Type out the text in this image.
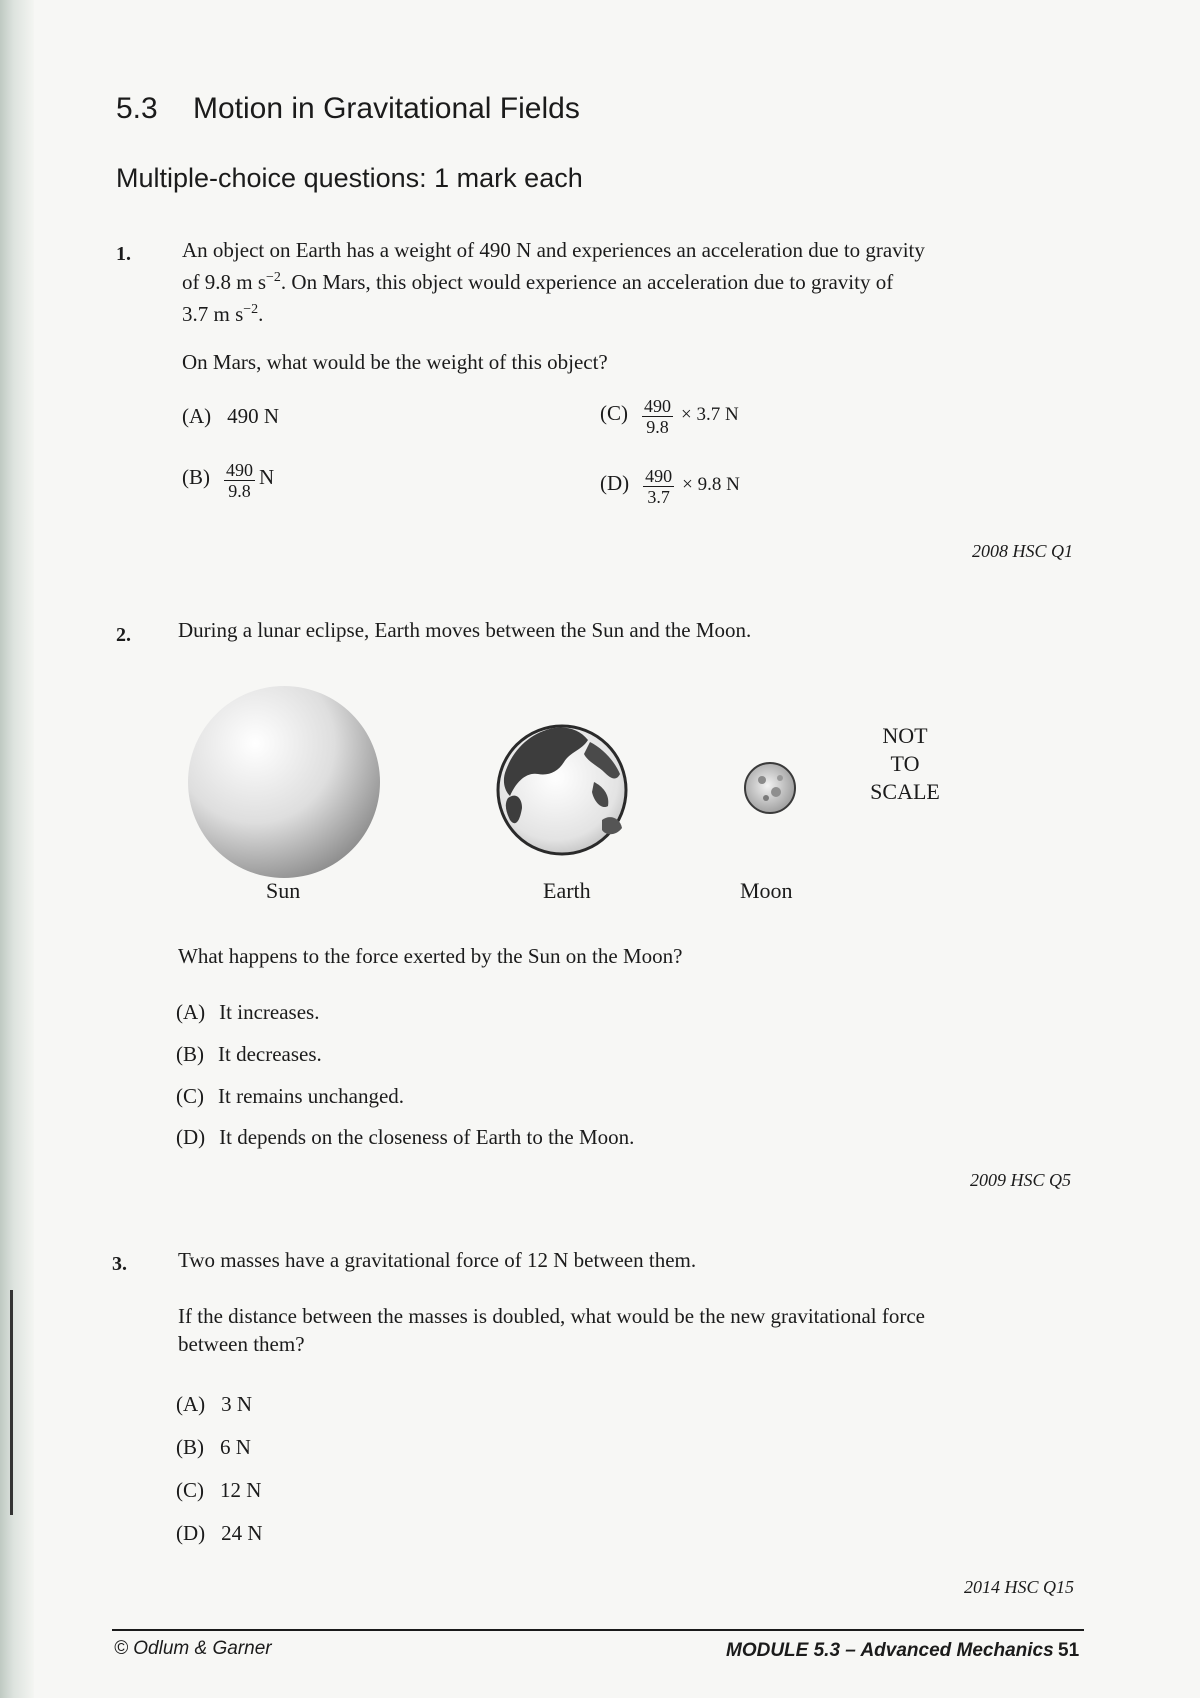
5.3 Motion in Gravitational Fields
Multiple-choice questions: 1 mark each
1. An object on Earth has a weight of 490 N and experiences an acceleration due to gravity
of 9.8 m $s^{-2}$. On Mars, this object would experience an acceleration due to gravity of
3.7 m $s^{-2}$.
On Mars, what would be the weight of this object?
(A) 490 N
$(B) \frac{490}{9.8}$ N
$(C) \frac{490}{9.8} \times 3.7$ N
$(D) \frac{490}{3.7} \times 9.8$ N
2008 HSC Q1
2. During a lunar eclipse, Earth moves between the Sun and the Moon.
NOT
TO
SCALE
Sun	Earth	Moon
What happens to the force exerted by the Sun on the Moon?
(A) It increases.
(B) It decreases.
(C) It remains unchanged.
(D) It depends on the closeness of Earth to the Moon.
2009 HSC Q5
3. Two masses have a gravitational force of 12 N between them.
If the distance between the masses is doubled, what would be the new gravitational force
between them?
(A) 3 N
(B) 6 N
(C) 12 N
(D) 24 N
2014 HSC Q15
© Odlum & Garner	MODULE 5.3 – Advanced Mechanics 51
